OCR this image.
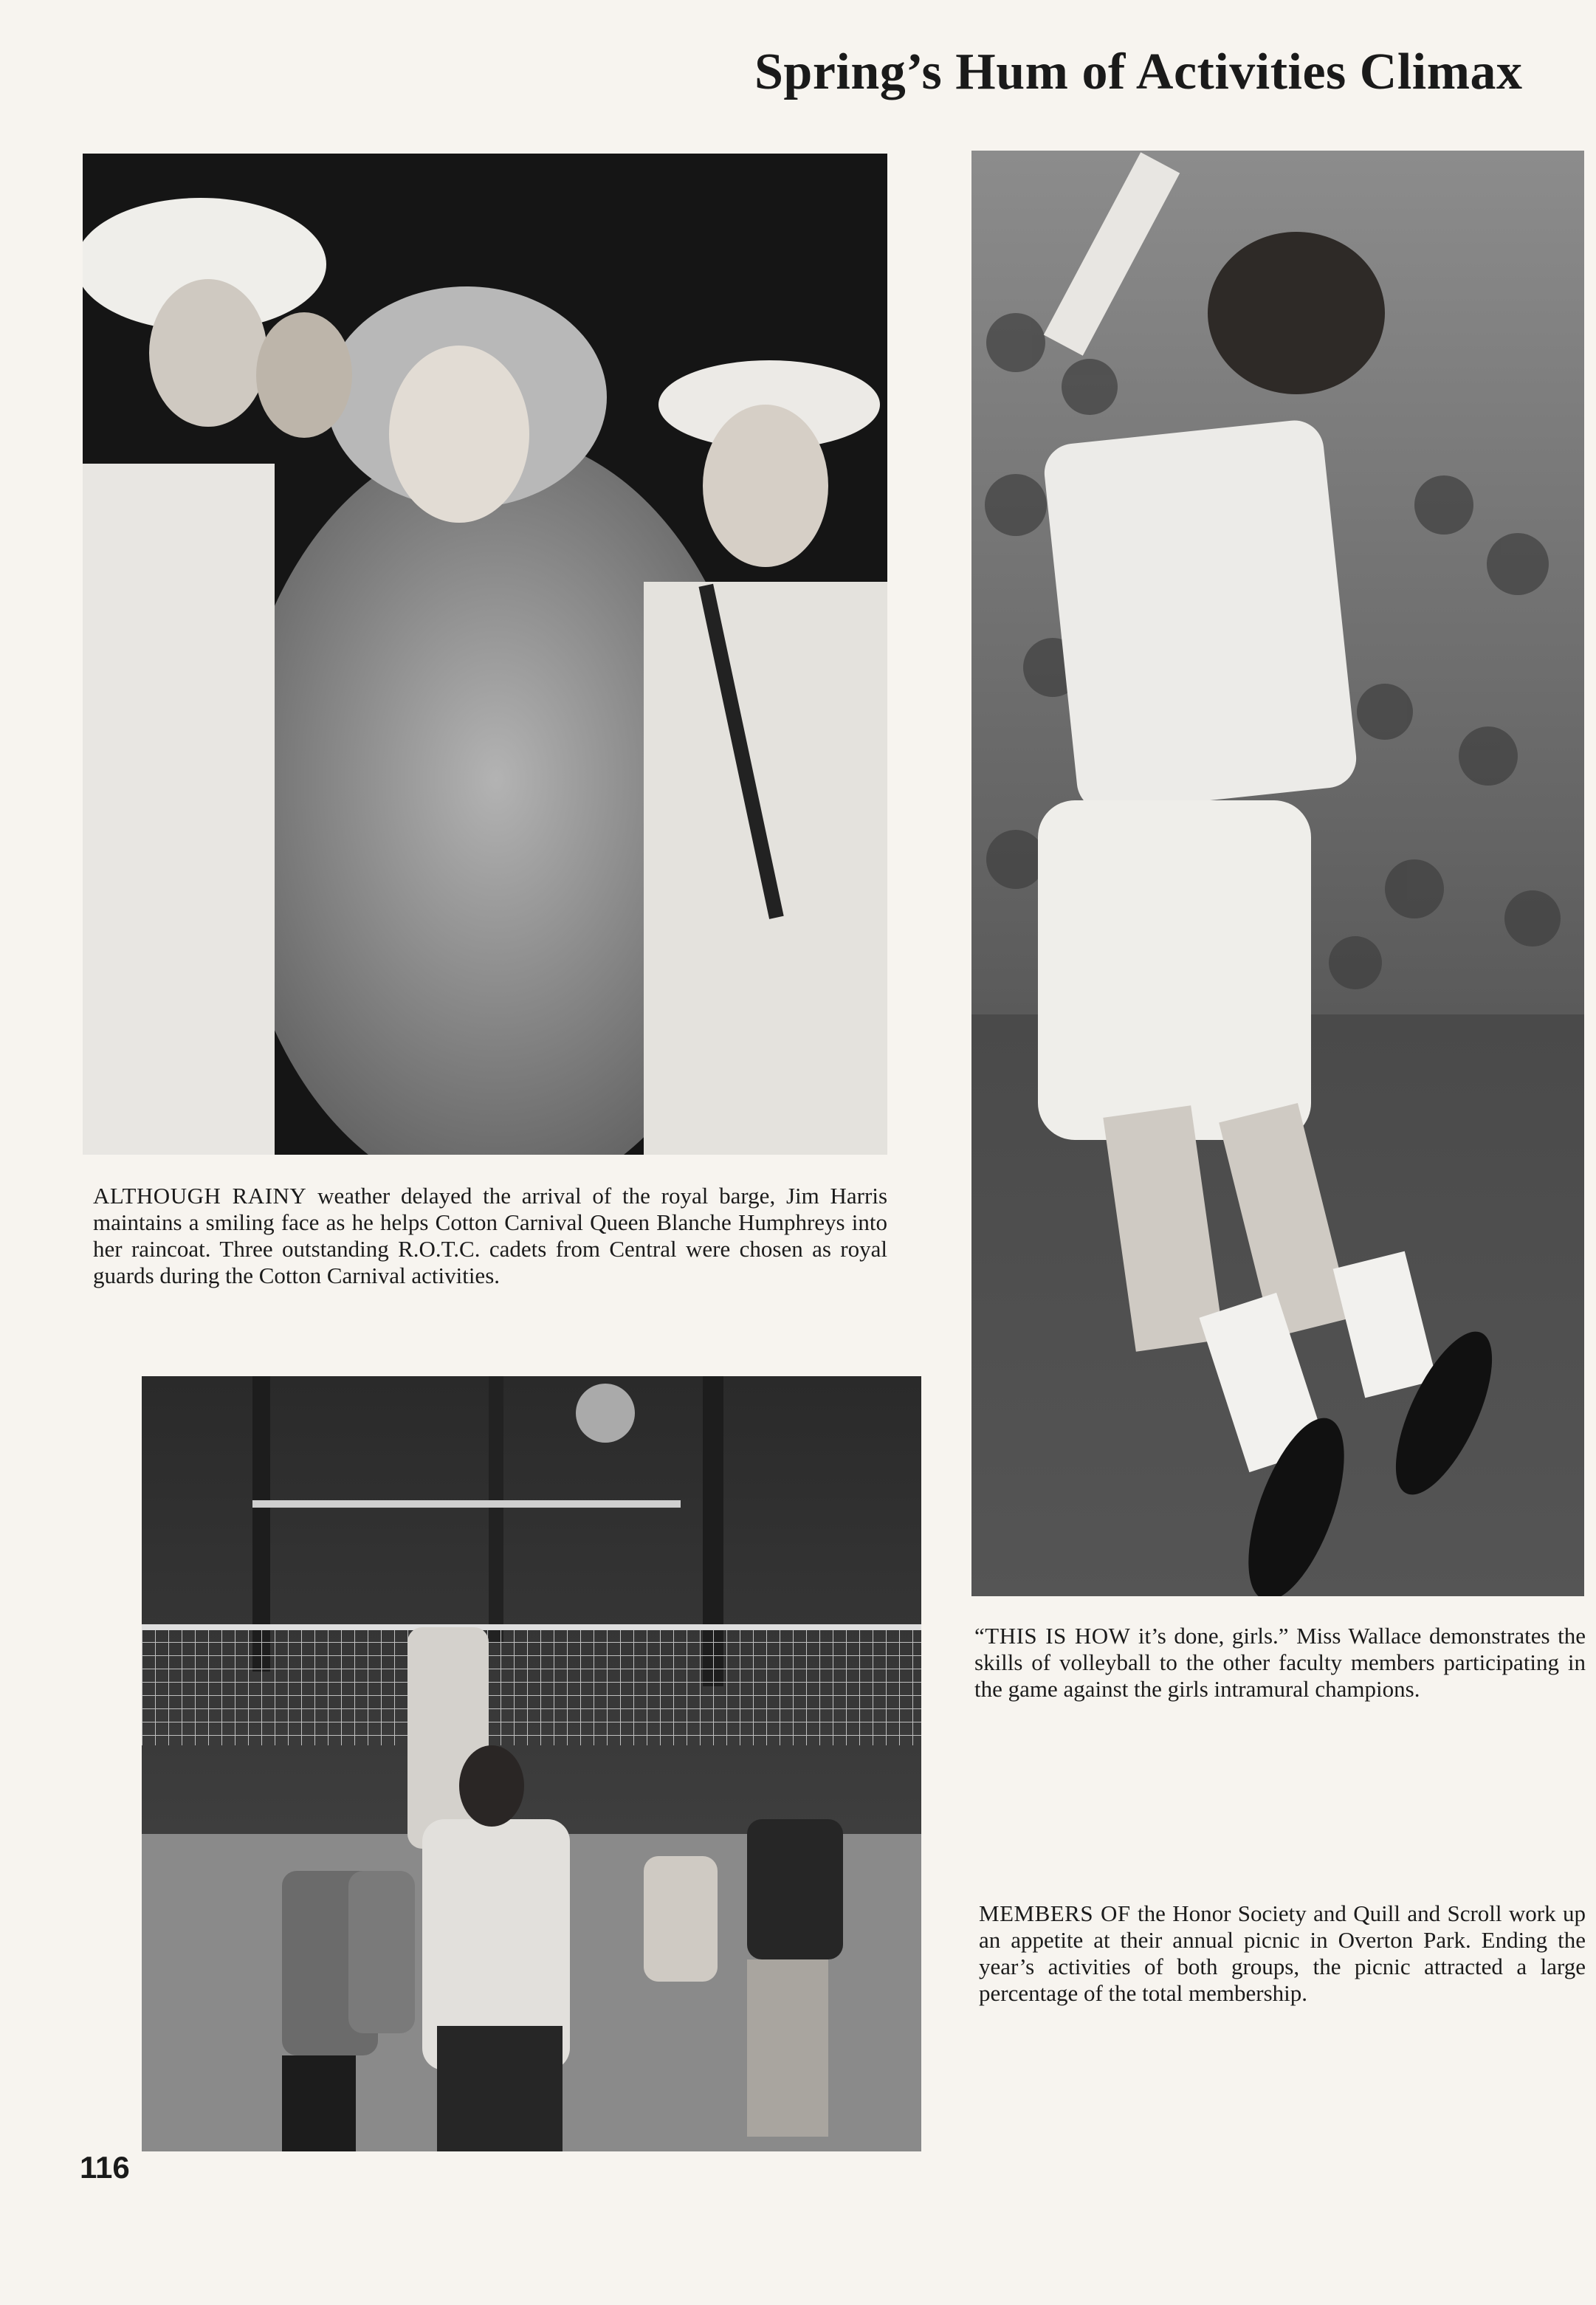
Spring’s Hum of Activities Climax
ALTHOUGH RAINY weather delayed the arrival of the royal barge, Jim Harris maintains a smiling face as he helps Cotton Carnival Queen Blanche Humphreys into her raincoat. Three outstanding R.O.T.C. cadets from Central were chosen as royal guards during the Cotton Carnival activities.
“THIS IS HOW it’s done, girls.” Miss Wallace demonstrates the skills of volleyball to the other faculty members participating in the game against the girls intramural champions.
MEMBERS OF the Honor Society and Quill and Scroll work up an appetite at their annual picnic in Overton Park. Ending the year’s activities of both groups, the picnic attracted a large percentage of the total membership.
116
